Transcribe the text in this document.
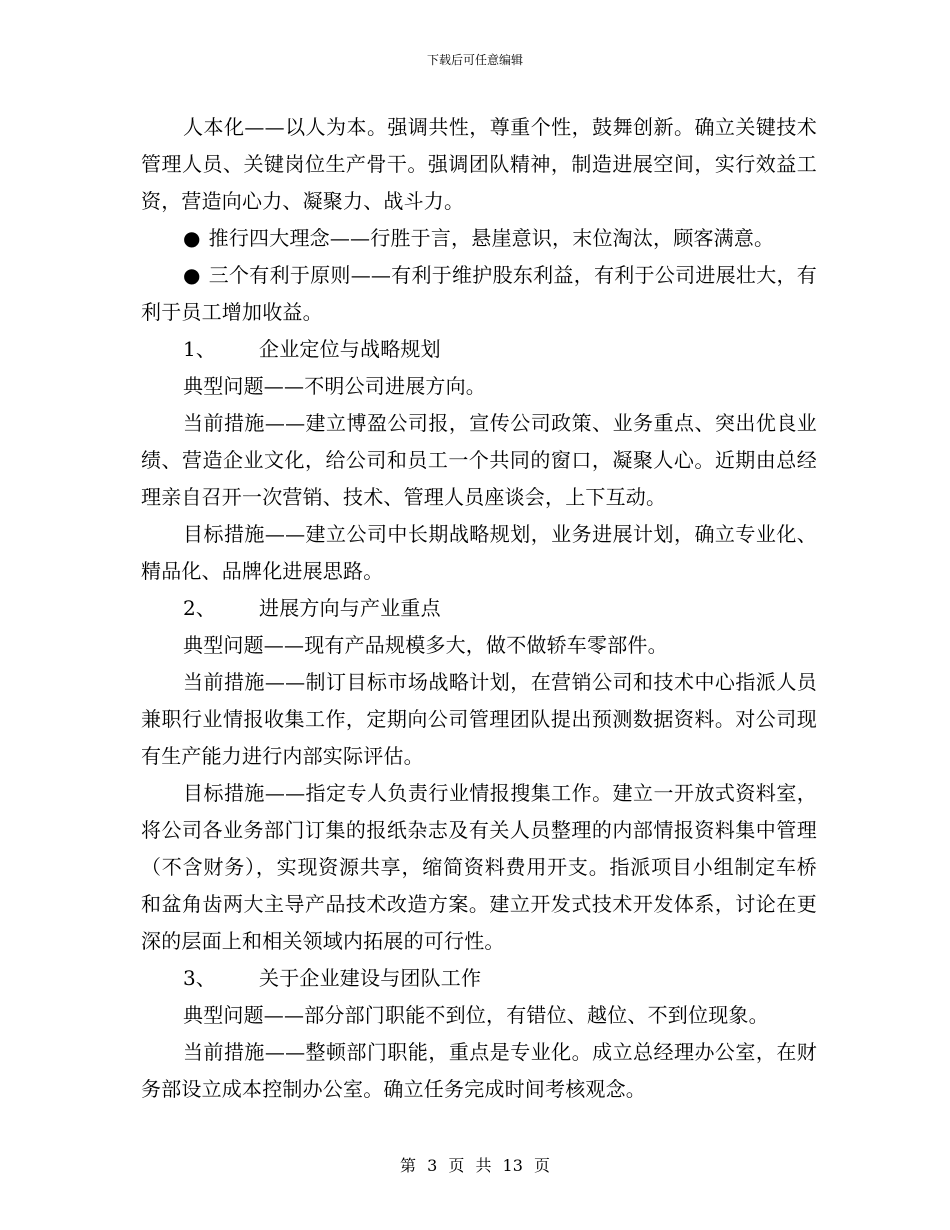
下载后可任意编辑

人本化——以人为本。强调共性，尊重个性，鼓舞创新。确立关键技术管理人员、关键岗位生产骨干。强调团队精神，制造进展空间，实行效益工资，营造向心力、凝聚力、战斗力。

● 推行四大理念——行胜于言，悬崖意识，末位淘汰，顾客满意。

● 三个有利于原则——有利于维护股东利益，有利于公司进展壮大，有利于员工增加收益。

1、 企业定位与战略规划

典型问题——不明公司进展方向。

当前措施——建立博盈公司报，宣传公司政策、业务重点、突出优良业绩、营造企业文化，给公司和员工一个共同的窗口，凝聚人心。近期由总经理亲自召开一次营销、技术、管理人员座谈会，上下互动。

目标措施——建立公司中长期战略规划，业务进展计划，确立专业化、精品化、品牌化进展思路。

2、 进展方向与产业重点

典型问题——现有产品规模多大，做不做轿车零部件。

当前措施——制订目标市场战略计划，在营销公司和技术中心指派人员兼职行业情报收集工作，定期向公司管理团队提出预测数据资料。对公司现有生产能力进行内部实际评估。

目标措施——指定专人负责行业情报搜集工作。建立一开放式资料室，将公司各业务部门订集的报纸杂志及有关人员整理的内部情报资料集中管理（不含财务），实现资源共享，缩简资料费用开支。指派项目小组制定车桥和盆角齿两大主导产品技术改造方案。建立开发式技术开发体系，讨论在更深的层面上和相关领域内拓展的可行性。

3、 关于企业建设与团队工作

典型问题——部分部门职能不到位，有错位、越位、不到位现象。

当前措施——整顿部门职能，重点是专业化。成立总经理办公室，在财务部设立成本控制办公室。确立任务完成时间考核观念。

第 3 页 共 13 页
